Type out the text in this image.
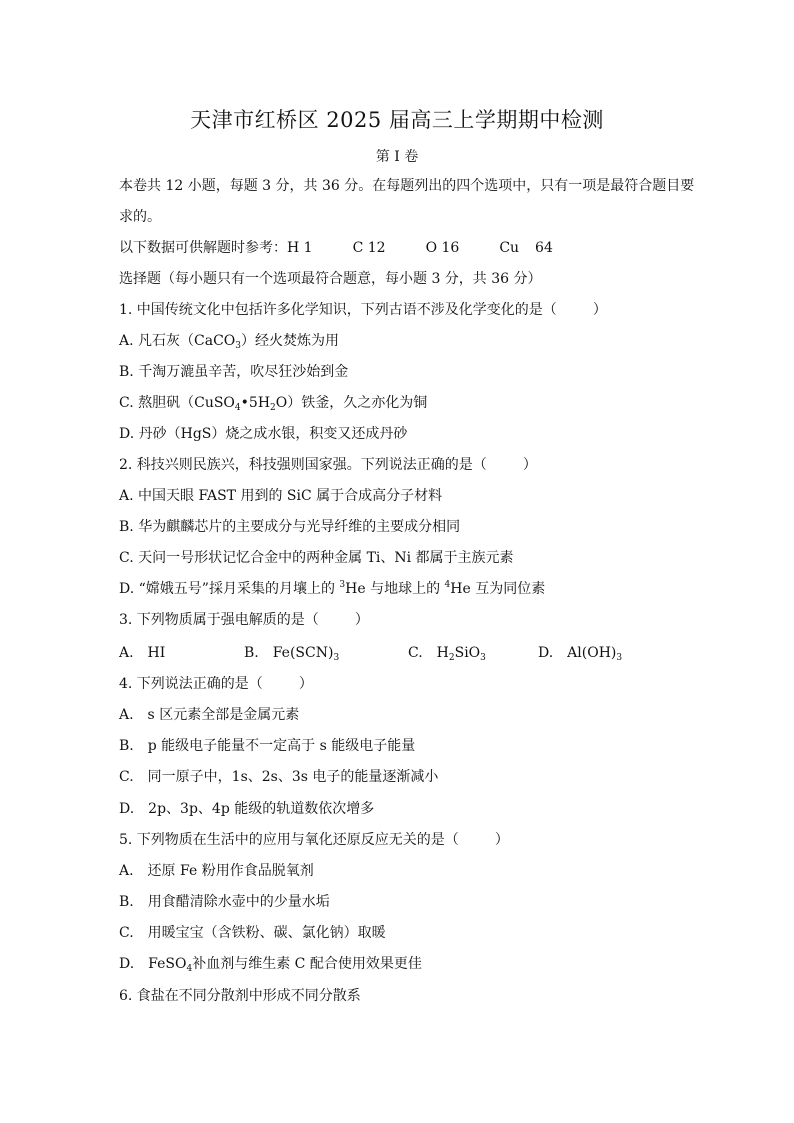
天津市红桥区 2025 届高三上学期期中检测
第 I 卷
本卷共 12 小题，每题 3 分，共 36 分。在每题列出的四个选项中，只有一项是最符合题目要
求的。
以下数据可供解题时参考：H 1	C 12	O 16	Cu 64
选择题（每小题只有一个选项最符合题意，每小题 3 分，共 36 分）
1. 中国传统文化中包括许多化学知识，下列古语不涉及化学变化的是（	）
A. 凡石灰（CaCO$_3$）经火焚炼为用
B. 千淘万漉虽辛苦，吹尽狂沙始到金
C. 熬胆矾$(CuSO_4•5H_2O)$铁釜，久之亦化为铜
D. 丹砂（HgS）烧之成水银，积变又还成丹砂
2. 科技兴则民族兴，科技强则国家强。下列说法正确的是（	）
A. 中国天眼 FAST 用到的 SiC 属于合成高分子材料
B. 华为麒麟芯片的主要成分与光导纤维的主要成分相同
C. 天问一号形状记忆合金中的两种金属 Ti、Ni 都属于主族元素
D. “嫦娥五号”採月采集的月壤上的 $^3$He 与地球上的 $^4$He 互为同位素
3. 下列物质属于强电解质的是（	）
A.　HI	B.　$Fe(SCN)_3$	C.　$H_2SiO_3$	D.　$Al(OH)_3$
4. 下列说法正确的是（	）
A.　s 区元素全部是金属元素
B.　p 能级电子能量不一定高于 s 能级电子能量
C.　同一原子中，1s、2s、3s 电子的能量逐渐减小
D.　2p、3p、4p 能级的轨道数依次增多
5. 下列物质在生活中的应用与氧化还原反应无关的是（	）
A.　还原 Fe 粉用作食品脱氧剂
B.　用食醋清除水壶中的少量水垢
C.　用暖宝宝（含铁粉、碳、氯化钠）取暖
D.　FeSO$_4$补血剂与维生素 C 配合使用效果更佳
6. 食盐在不同分散剂中形成不同分散系
